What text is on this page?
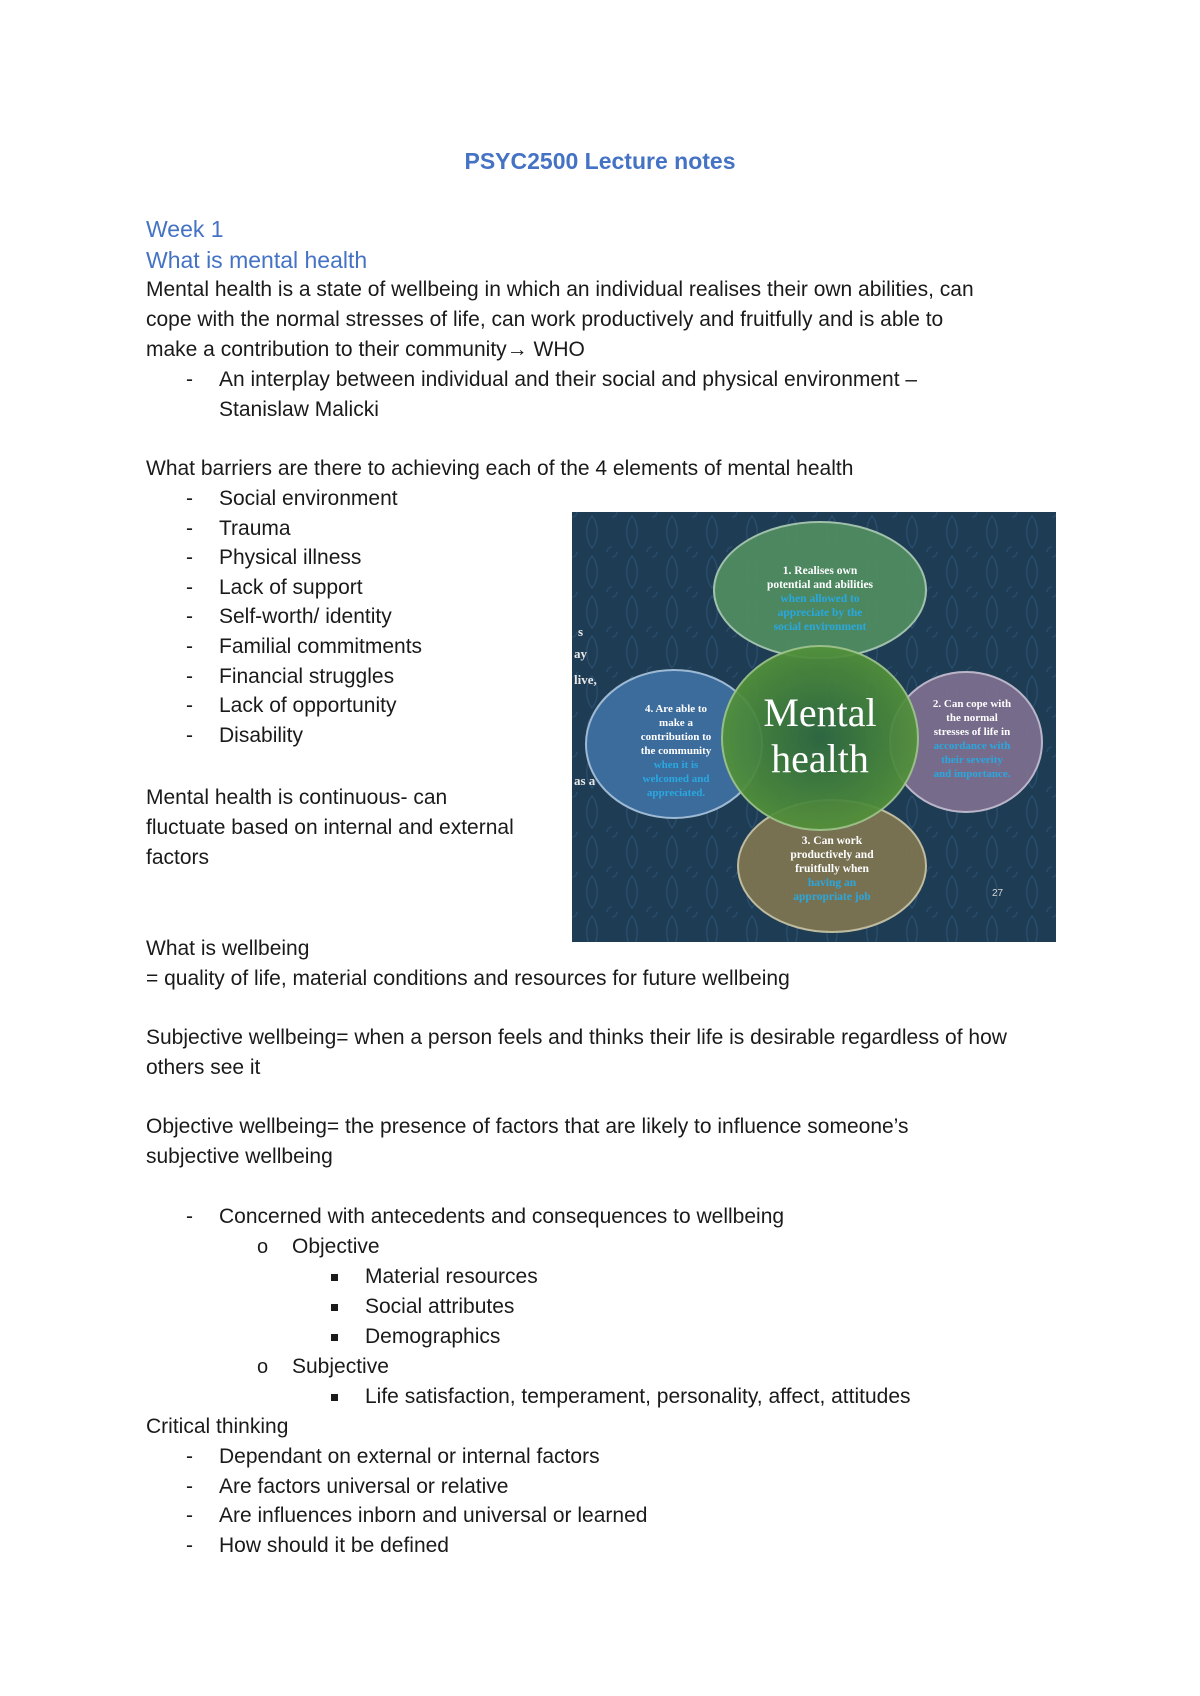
PSYC2500 Lecture notes
Week 1
What is mental health
Mental health is a state of wellbeing in which an individual realises their own abilities, can
cope with the normal stresses of life, can work productively and fruitfully and is able to
make a contribution to their community→ WHO
- An interplay between individual and their social and physical environment –
Stanislaw Malicki
What barriers are there to achieving each of the 4 elements of mental health
- Social environment
- Trauma
- Physical illness
- Lack of support
- Self-worth/ identity
- Familial commitments
- Financial struggles
- Lack of opportunity
- Disability
Mental health is continuous- can
fluctuate based on internal and external
factors
s
ay
live,
as a
Mental
health
1. Realises own
potential and abilities
when allowed to
appreciate by the
social environment
2. Can cope with
the normal
stresses of life in
accordance with
their severity
and importance.
3. Can work
productively and
fruitfully when
having an
appropriate job
4. Are able to
make a
contribution to
the community
when it is
welcomed and
appreciated.
27
What is wellbeing
= quality of life, material conditions and resources for future wellbeing
Subjective wellbeing= when a person feels and thinks their life is desirable regardless of how
others see it
Objective wellbeing= the presence of factors that are likely to influence someone’s
subjective wellbeing
- Concerned with antecedents and consequences to wellbeing
o Objective
Material resources
Social attributes
Demographics
o Subjective
Life satisfaction, temperament, personality, affect, attitudes
Critical thinking
- Dependant on external or internal factors
- Are factors universal or relative
- Are influences inborn and universal or learned
- How should it be defined
